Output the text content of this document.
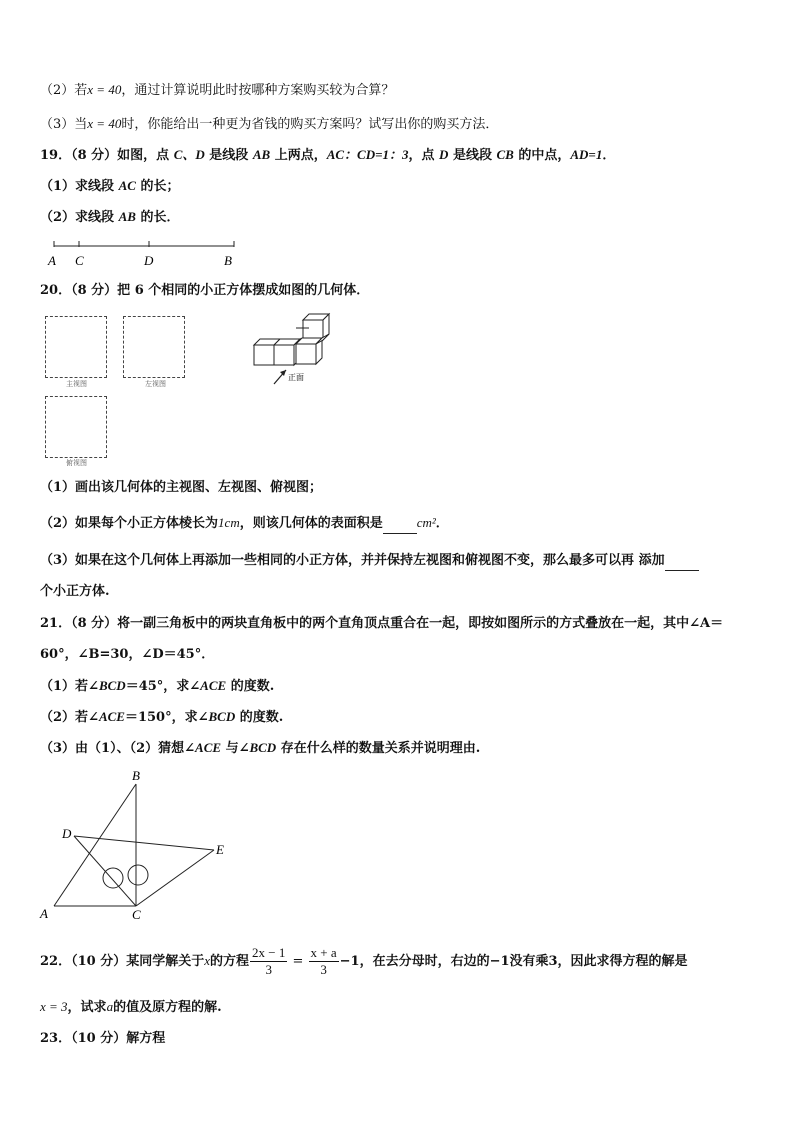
（2）若x = 40，通过计算说明此时按哪种方案购买较为合算？
（3）当x = 40时，你能给出一种更为省钱的购买方案吗？试写出你的购买方法．
19．（8 分）如图，点 C、D 是线段 AB 上两点，AC：CD=1：3，点 D 是线段 CB 的中点，AD=1．
（1）求线段 AC 的长；
（2）求线段 AB 的长．
A C	D	B
20．（8 分）把 6 个相同的小正方体摆成如图的几何体．
主视图	左视图
俯视图
正面
（1）画出该几何体的主视图、左视图、俯视图；
（2）如果每个小正方体棱长为1cm，则该几何体的表面积是	cm²．
（3）如果在这个几何体上再添加一些相同的小正方体，并并保持左视图和俯视图不变，那么最多可以再 添加
个小正方体.
21．（8 分）将一副三角板中的两块直角板中的两个直角顶点重合在一起，即按如图所示的方式叠放在一起，其中∠A＝
60°，∠B=30，∠D＝45°．
（1）若∠BCD＝45°，求∠ACE 的度数.
（2）若∠ACE＝150°，求∠BCD 的度数.
（3）由（1）、（2）猜想∠ACE 与∠BCD 存在什么样的数量关系并说明理由.
B
D
E
A	C
22．（10 分）某同学解关于x的方程 $\frac{2x - 1}{3} = \frac{x + a}{3} -1$，在去分母时，右边的−1没有乘3，因此求得方程的解是
x = 3，试求a的值及原方程的解.
23．（10 分）解方程
